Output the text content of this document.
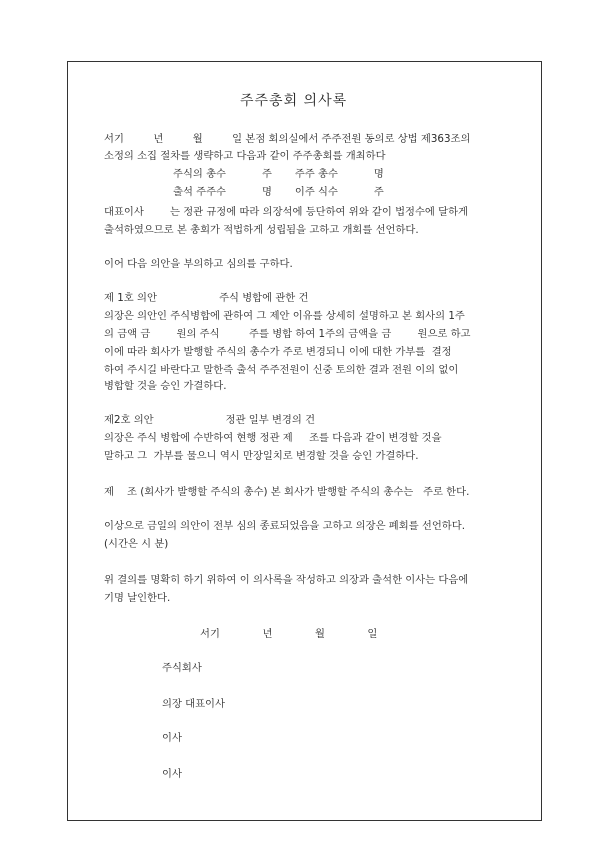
주주총회 의사록
서기         년         월         일 본점 회의실에서 주주전원 동의로 상법 제363조의
소정의 소집 절차를 생략하고 다음과 같이 주주총회를 개최하다
주식의 총수           주       주주 총수           명
출석 주주수           명       이주 식수           주
대표이사        는 정관 규정에 따라 의장석에 등단하여 위와 같이 법정수에 달하게
출석하였으므로 본 총회가 적법하게 성립됨을 고하고 개회를 선언하다.
이어 다음 의안을 부의하고 심의를 구하다.
제 1호 의안                   주식 병합에 관한 건
의장은 의안인 주식병합에 관하여 그 제안 이유를 상세히 설명하고 본 회사의 1주
의 금액 금        원의 주식         주를 병합 하여 1주의 금액을 금        원으로 하고
이에 따라 회사가 발행할 주식의 총수가 주로 변경되니 이에 대한 가부를  결정
하여 주시길 바란다고 말한즉 출석 주주전원이 신중 토의한 결과 전원 이의 없이
병합할 것을 승인 가결하다.
제2호 의안                      정관 일부 변경의 건
의장은 주식 병합에 수반하여 현행 정관 제     조를 다음과 같이 변경할 것을
말하고 그  가부를 물으니 역시 만장일치로 변경할 것을 승인 가결하다.
제    조 (회사가 발행할 주식의 총수) 본 회사가 발행할 주식의 총수는   주로 한다.
이상으로 금일의 의안이 전부 심의 종료되었음을 고하고 의장은 폐회를 선언하다.
(시간은 시 분)
위 결의를 명확히 하기 위하여 이 의사록을 작성하고 의장과 출석한 이사는 다음에
기명 날인한다.
서기             년             월             일
주식회사
의장 대표이사
이사
이사
